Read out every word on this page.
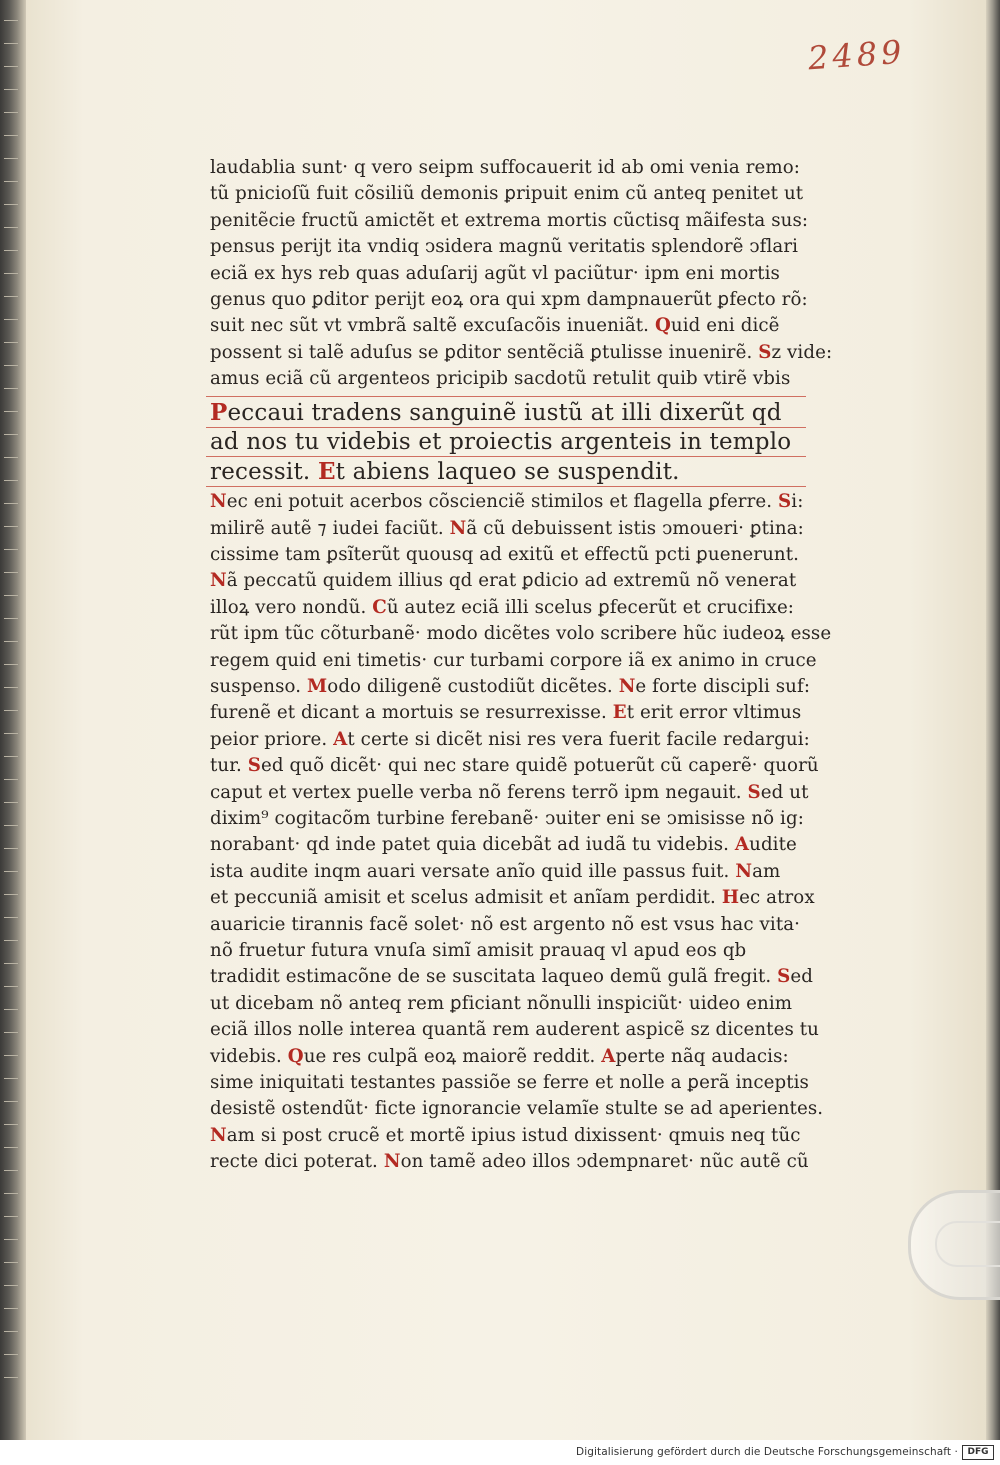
2489
laudablia sunt· q vero seipm suffocauerit id ab omi venia remo:
tũ pnicioſũ fuit cõsiliũ demonis ꝑripuit enim cũ anteq penitet ut
penitẽcie fructũ amictẽt et extrema mortis cũctisq mãifesta sus:
pensus perijt ita vndiq ↄsidera magnũ veritatis splendorẽ ↄflari
eciã ex hys reb quas aduſarij agũt vl paciũtur· ipm eni mortis
genus quo ꝑditor perijt eoꝝ ora qui xpm dampnauerũt ꝑfecto rõ:
suit nec sũt vt vmbrã saltẽ excuſacõis inueniãt. Quid eni dicẽ
possent si talẽ aduſus se ꝑditor sentẽciã ꝑtulisse inuenirẽ. Sz vide:
amus eciã cũ argenteos pricipib sacdotũ retulit quib vtirẽ vbis
Peccaui tradens sanguinẽ iustũ at illi dixerũt qd
ad nos tu videbis et proiectis argenteis in templo
recessit. Et abiens laqueo se suspendit.
Nec eni potuit acerbos cõscienciẽ stimilos et flagella ꝑferre. Si:
milirẽ autẽ ⁊ iudei faciũt. Nã cũ debuissent istis ↄmoueri· ꝑtina:
cissime tam ꝑsĩterũt quousq ad exitũ et effectũ pcti ꝑuenerunt.
Nã peccatũ quidem illius qd erat ꝑdicio ad extremũ nõ venerat
illoꝝ vero nondũ. Cũ autez eciã illi scelus ꝑfecerũt et crucifixe:
rũt ipm tũc cõturbanẽ· modo dicẽtes volo scribere hũc iudeoꝝ esse
regem quid eni timetis· cur turbami corpore iã ex animo in cruce
suspenso. Modo diligenẽ custodiũt dicẽtes. Ne forte discipli suf:
furenẽ et dicant a mortuis se resurrexisse. Et erit error vltimus
peior priore. At certe si dicẽt nisi res vera fuerit facile redargui:
tur. Sed quõ dicẽt· qui nec stare quidẽ potuerũt cũ caperẽ· quorũ
caput et vertex puelle verba nõ ferens terrõ ipm negauit. Sed ut
dixim⁹ cogitacõm turbine ferebanẽ· ↄuiter eni se ↄmisisse nõ ig:
norabant· qd inde patet quia dicebãt ad iudã tu videbis. Audite
ista audite inqm auari versate anĩo quid ille passus fuit. Nam
et peccuniã amisit et scelus admisit et anĩam perdidit. Hec atrox
auaricie tirannis facẽ solet· nõ est argento nõ est vsus hac vita·
nõ fruetur futura vnuſa simĩ amisit prauaq vl apud eos qb
tradidit estimacõne de se suscitata laqueo demũ gulã fregit. Sed
ut dicebam nõ anteq rem ꝑficiant nõnulli inspiciũt· uideo enim
eciã illos nolle interea quantã rem auderent aspicẽ sz dicentes tu
videbis. Que res culpã eoꝝ maiorẽ reddit. Aperte nãq audacis:
sime iniquitati testantes passiõe se ferre et nolle a ꝑerã inceptis
desistẽ ostendũt· ficte ignorancie velamĩe stulte se ad aperientes.
Nam si post crucẽ et mortẽ ipius istud dixissent· qmuis neq tũc
recte dici poterat. Non tamẽ adeo illos ↄdempnaret· nũc autẽ cũ
Digitalisierung gefördert durch die Deutsche Forschungsgemeinschaft ·	DFG
